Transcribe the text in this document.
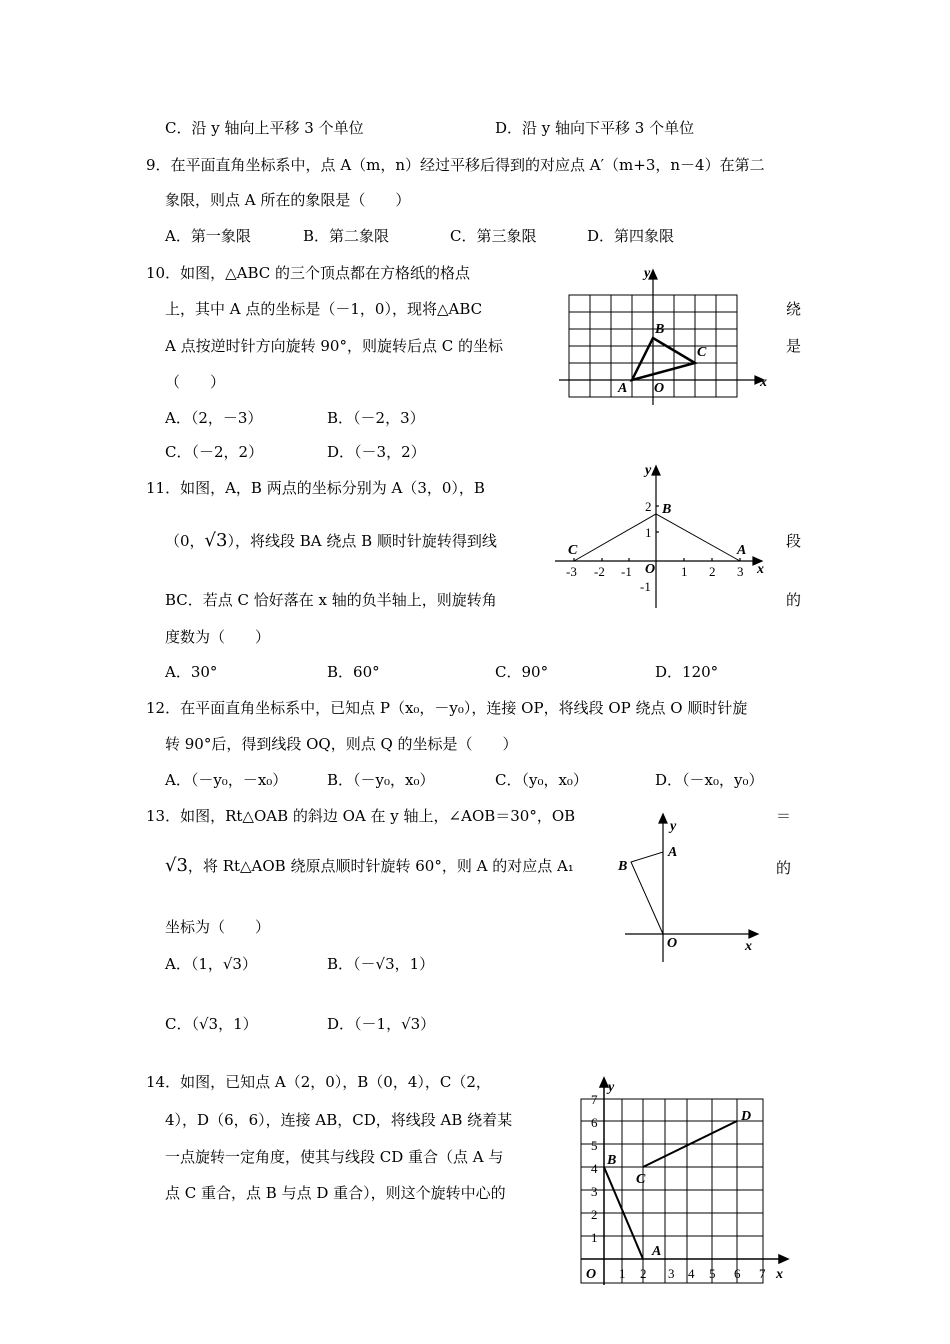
C．沿 y 轴向上平移 3 个单位	D．沿 y 轴向下平移 3 个单位
9．在平面直角坐标系中，点 A（m，n）经过平移后得到的对应点 A′（m+3，n－4）在第二
象限，则点 A 所在的象限是（　　）
A．第一象限	B．第二象限	C．第三象限	D．第四象限
10．如图，△ABC 的三个顶点都在方格纸的格点
上，其中 A 点的坐标是（－1，0），现将△ABC	绕
A 点按逆时针方向旋转 90°，则旋转后点 C 的坐标	是
（　　）
A．（2，－3）	B．（－2，3）
C．（－2，2）	D．（－3，2）
y
x
A O
B
C
11．如图，A，B 两点的坐标分别为 A（3，0），B
（0，√3），将线段 BA 绕点 B 顺时针旋转得到线	段
BC．若点 C 恰好落在 x 轴的负半轴上，则旋转角	的
度数为（　　）
A．30°	B．60°	C．90°	D．120°
y
x
C	A
B
O
-3 -2 -1	1 2 3
2
1
-1
12．在平面直角坐标系中，已知点 P（x₀，－y₀），连接 OP，将线段 OP 绕点 O 顺时针旋
转 90°后，得到线段 OQ，则点 Q 的坐标是（　　）
A．（－y₀，－x₀）	B．（－y₀，x₀）	C．（y₀，x₀）	D．（－x₀，y₀）
13．如图，Rt△OAB 的斜边 OA 在 y 轴上，∠AOB＝30°，OB	＝
√3，将 Rt△AOB 绕原点顺时针旋转 60°，则 A 的对应点 A₁	的
坐标为（　　）
A．（1，√3）	B．（－√3，1）
C．（√3，1）	D．（－1，√3）
y
x
A
B
O
14．如图，已知点 A（2，0），B（0，4），C（2，
4），D（6，6），连接 AB，CD，将线段 AB 绕着某
一点旋转一定角度，使其与线段 CD 重合（点 A 与
点 C 重合，点 B 与点 D 重合），则这个旋转中心的
y
x
O
A
B
C
D
1 2 3 4 5 6 7
1
2
3
4
5
6
7
